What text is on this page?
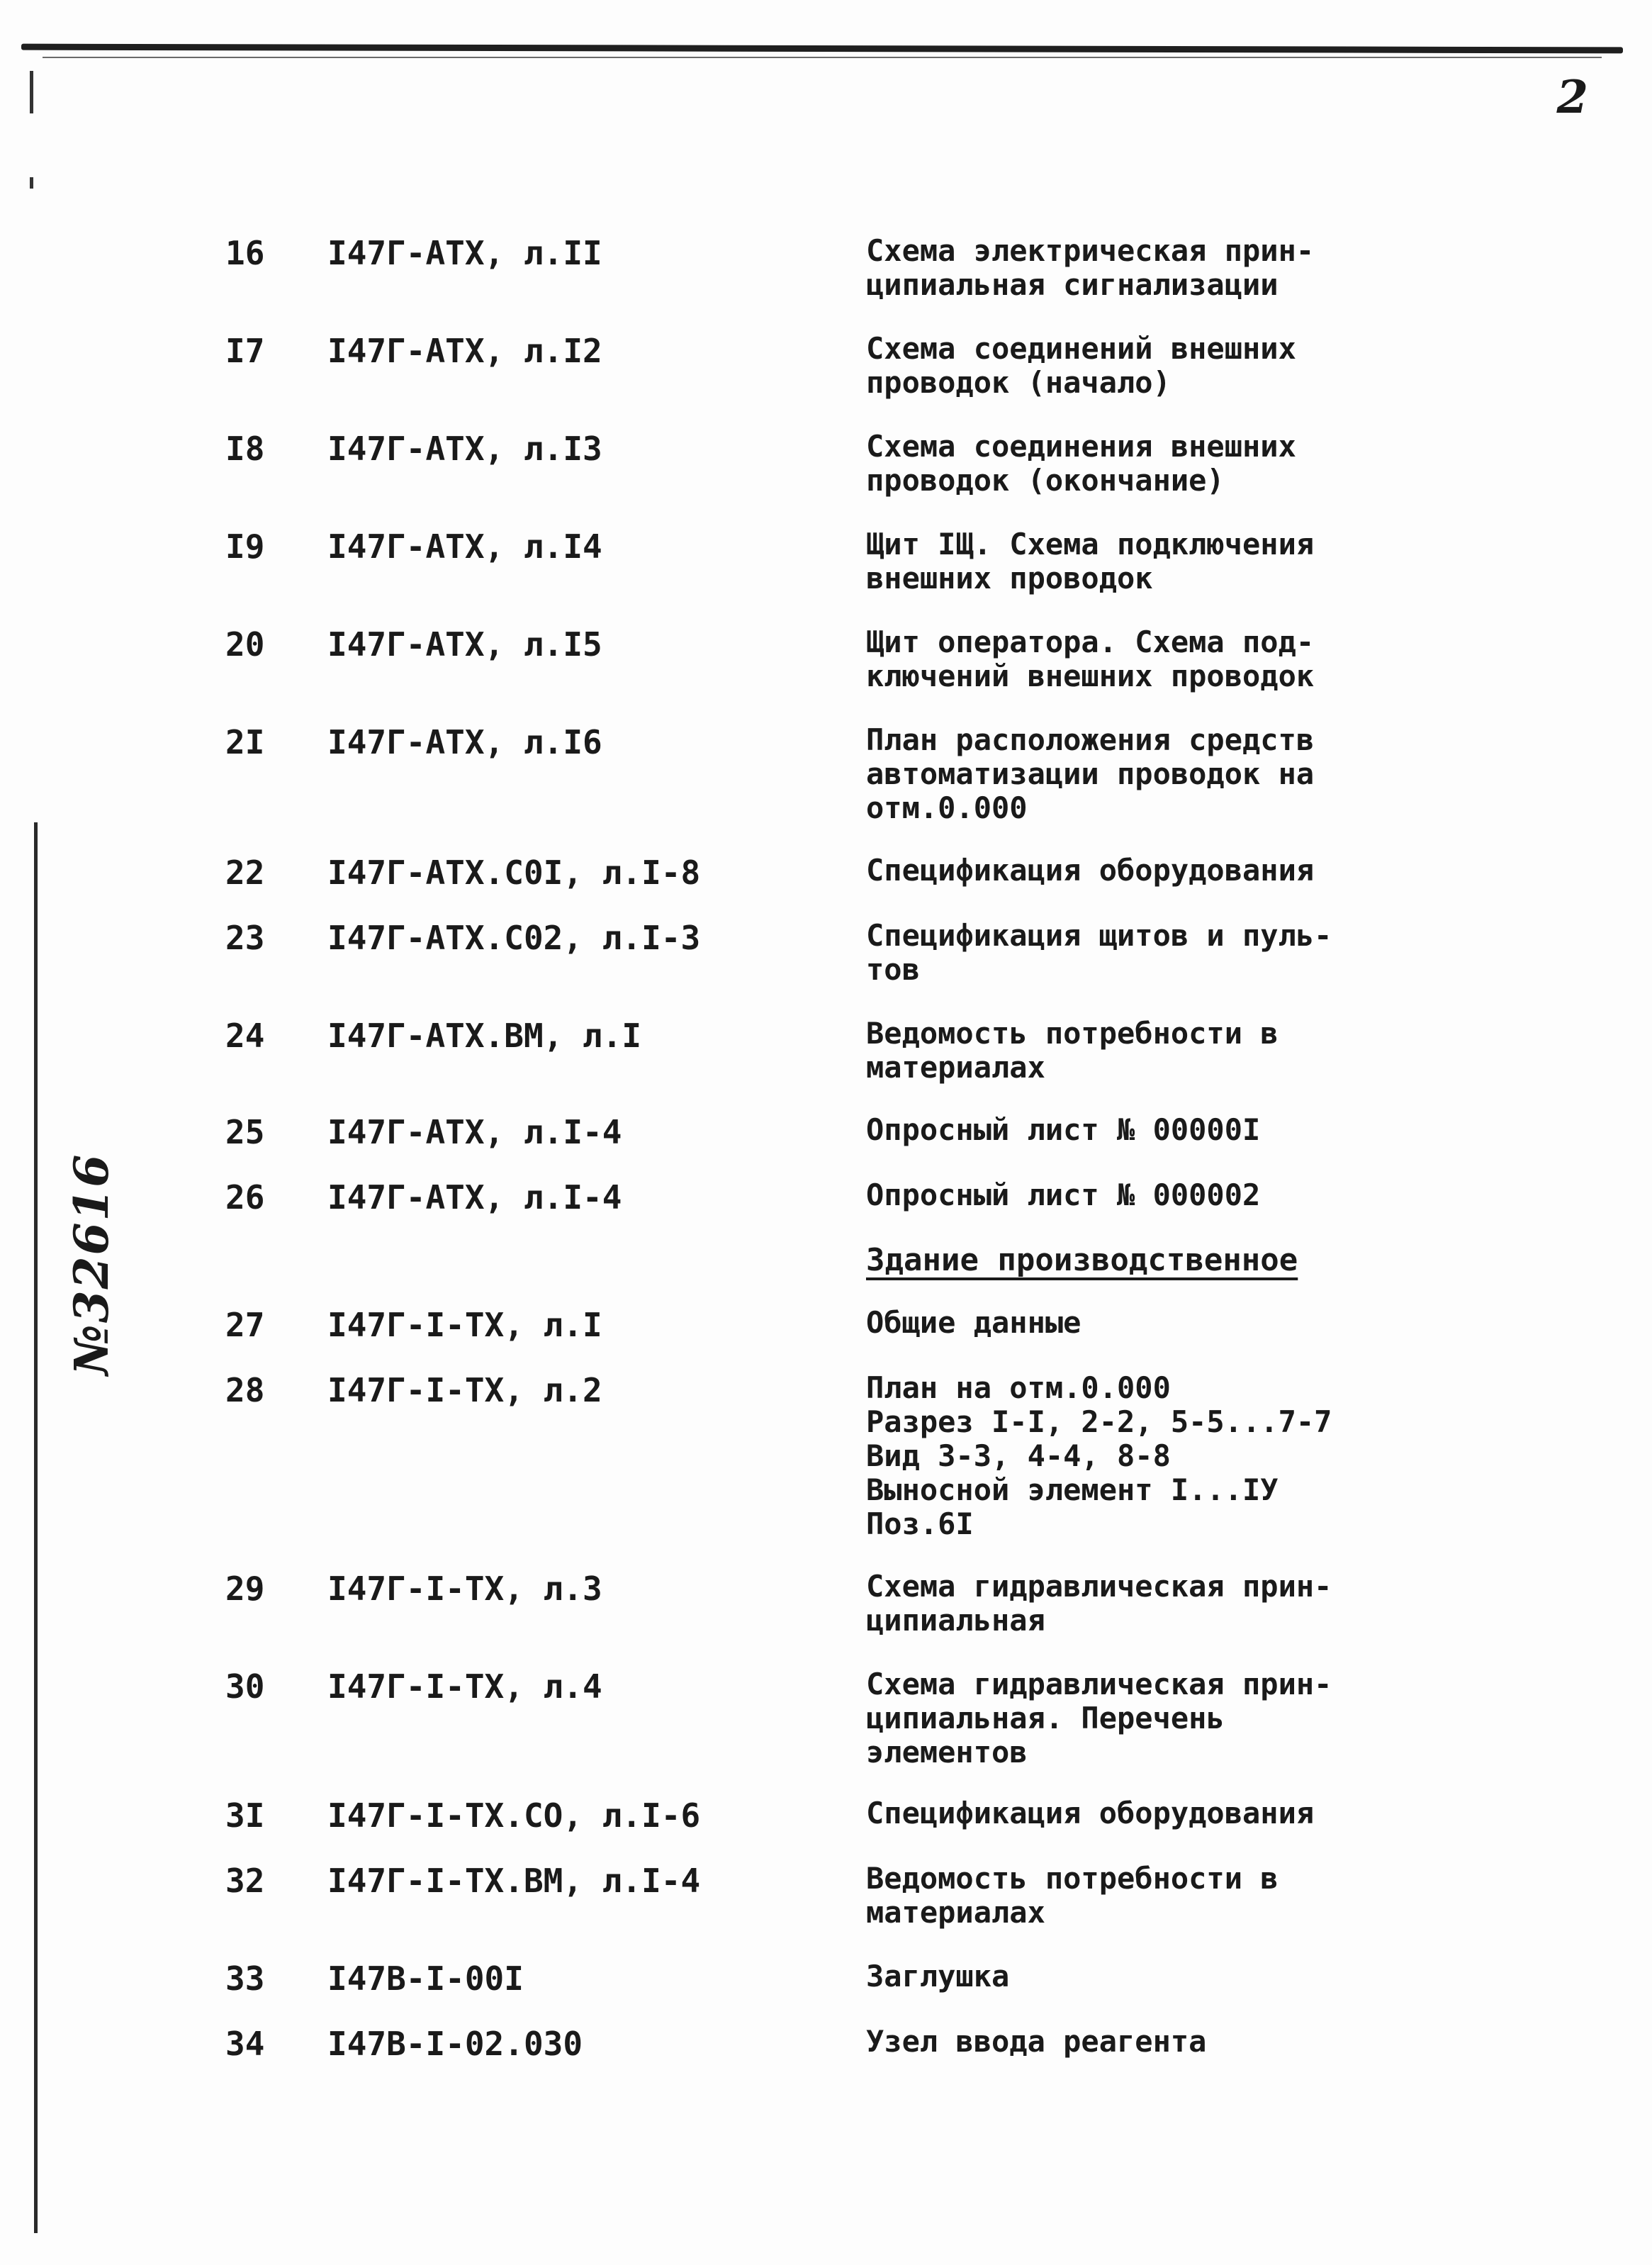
2
№32616
16	I47Г-АТХ, л.II	Схема электрическая прин-
ципиальная сигнализации
I7	I47Г-АТХ, л.I2	Схема соединений внешних
проводок (начало)
I8	I47Г-АТХ, л.I3	Схема соединения внешних
проводок (окончание)
I9	I47Г-АТХ, л.I4	Щит IЩ. Схема подключения
внешних проводок
20	I47Г-АТХ, л.I5	Щит оператора. Схема под-
ключений внешних проводок
2I	I47Г-АТХ, л.I6	План расположения средств
автоматизации проводок на
отм.0.000
22	I47Г-АТХ.С0I, л.I-8	Спецификация оборудования
23	I47Г-АТХ.С02, л.I-3	Спецификация щитов и пуль-
тов
24	I47Г-АТХ.ВМ, л.I	Ведомость потребности в
материалах
25	I47Г-АТХ, л.I-4	Опросный лист № 00000I
26	I47Г-АТХ, л.I-4	Опросный лист № 000002
Здание производственное
27	I47Г-I-ТХ, л.I	Общие данные
28	I47Г-I-ТХ, л.2	План на отм.0.000
Разрез I-I, 2-2, 5-5...7-7
Вид 3-3, 4-4, 8-8
Выносной элемент I...IУ
Поз.6I
29	I47Г-I-ТХ, л.3	Схема гидравлическая прин-
ципиальная
30	I47Г-I-ТХ, л.4	Схема гидравлическая прин-
ципиальная. Перечень
элементов
3I	I47Г-I-ТХ.СО, л.I-6	Спецификация оборудования
32	I47Г-I-ТХ.ВМ, л.I-4	Ведомость потребности в
материалах
33	I47В-I-00I	Заглушка
34	I47В-I-02.030	Узел ввода реагента
